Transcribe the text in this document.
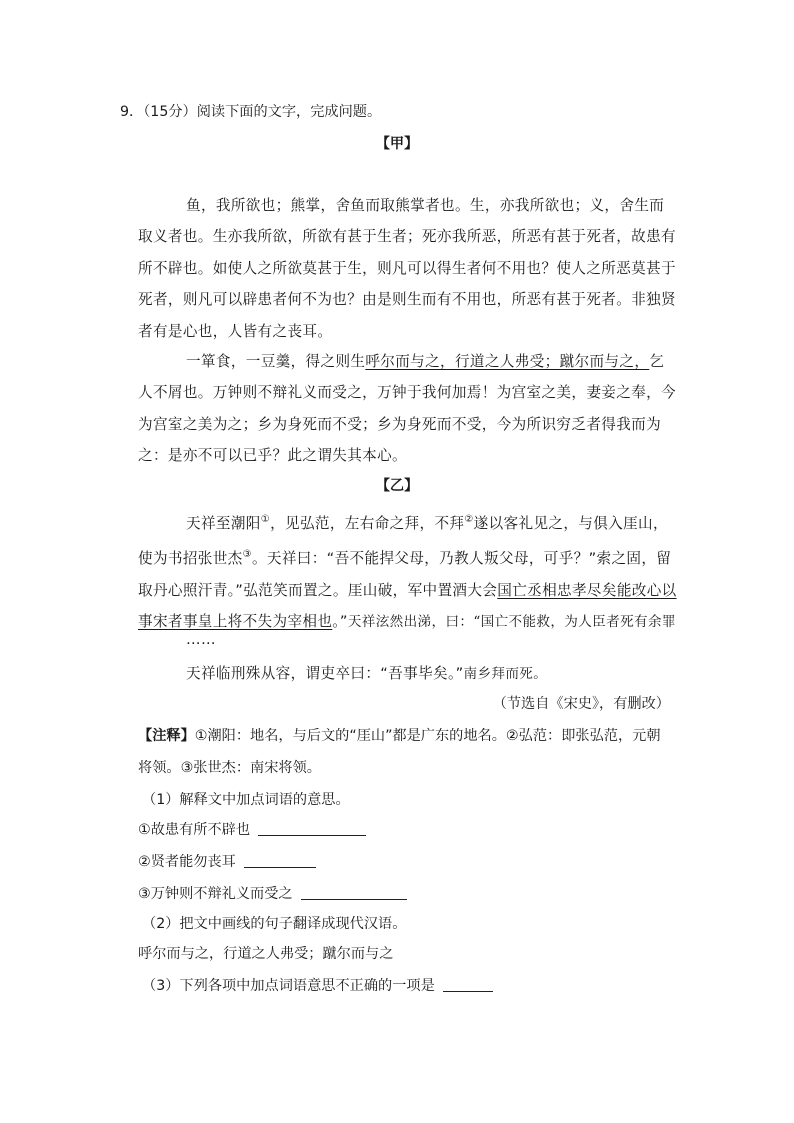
9．（15分）阅读下面的文字，完成问题。
【甲】
鱼，我所欲也；熊掌，舍鱼而取熊掌者也。生，亦我所欲也；义，舍生而取义者也。生亦我所欲，所欲有甚于生者；死亦我所恶，所恶有甚于死者，故患有所不辟也。如使人之所欲莫甚于生，则凡可以得生者何不用也？使人之所恶莫甚于死者，则凡可以辟患者何不为也？由是则生而有不用也，所恶有甚于死者。非独贤者有是心也，人皆有之丧耳。
一箪食，一豆羹，得之则生呼尔而与之，行道之人弗受；蹴尔而与之，乞人不屑也。万钟则不辩礼义而受之，万钟于我何加焉！为宫室之美，妻妾之奉，今为宫室之美为之；乡为身死而不受；乡为身死而不受，今为所识穷乏者得我而为之：是亦不可以已乎？此之谓失其本心。
【乙】
天祥至潮阳①，见弘范，左右命之拜，不拜②遂以客礼见之，与俱入厓山，使为书招张世杰③。天祥曰：“吾不能捍父母，乃教人叛父母，可乎？”索之固，留取丹心照汗青。”弘范笑而置之。厓山破，军中置酒大会国亡丞相忠孝尽矣能改心以事宋者事皇上将不失为宰相也。”天祥泫然出涕，曰：“国亡不能救，为人臣者死有余罪
……
天祥临刑殊从容，谓吏卒曰：“吾事毕矣。”南乡拜而死。
（节选自《宋史》，有删改）
【注释】①潮阳：地名，与后文的“厓山”都是广东的地名。②弘范：即张弘范，元朝
将领。③张世杰：南宋将领。
（1）解释文中加点词语的意思。
①故患有所不辟也
②贤者能勿丧耳
③万钟则不辩礼义而受之
（2）把文中画线的句子翻译成现代汉语。
呼尔而与之，行道之人弗受；蹴尔而与之
（3）下列各项中加点词语意思不正确的一项是
